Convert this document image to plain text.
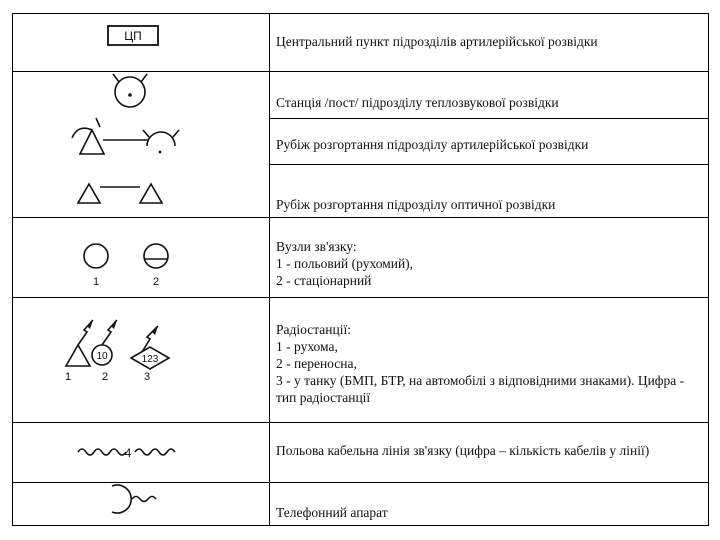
Центральний пункт підрозділів артилерійської розвідки
Станція /пост/ підрозділу теплозвукової розвідки
Рубіж розгортання підрозділу артилерійської розвідки
Рубіж розгортання підрозділу оптичної розвідки
Вузли зв'язку:
1 - польовий (рухомий),
2 - стаціонарний
Радіостанції:
1 - рухома,
2 - переносна,
3 - у танку (БМП, БТР, на автомобілі з відповідними знаками). Цифра - тип радіостанції
Польова кабельна лінія зв'язку (цифра – кількість кабелів у лінії)
Телефонний апарат
ЦП
1	2
1
10
2
123
3
4
